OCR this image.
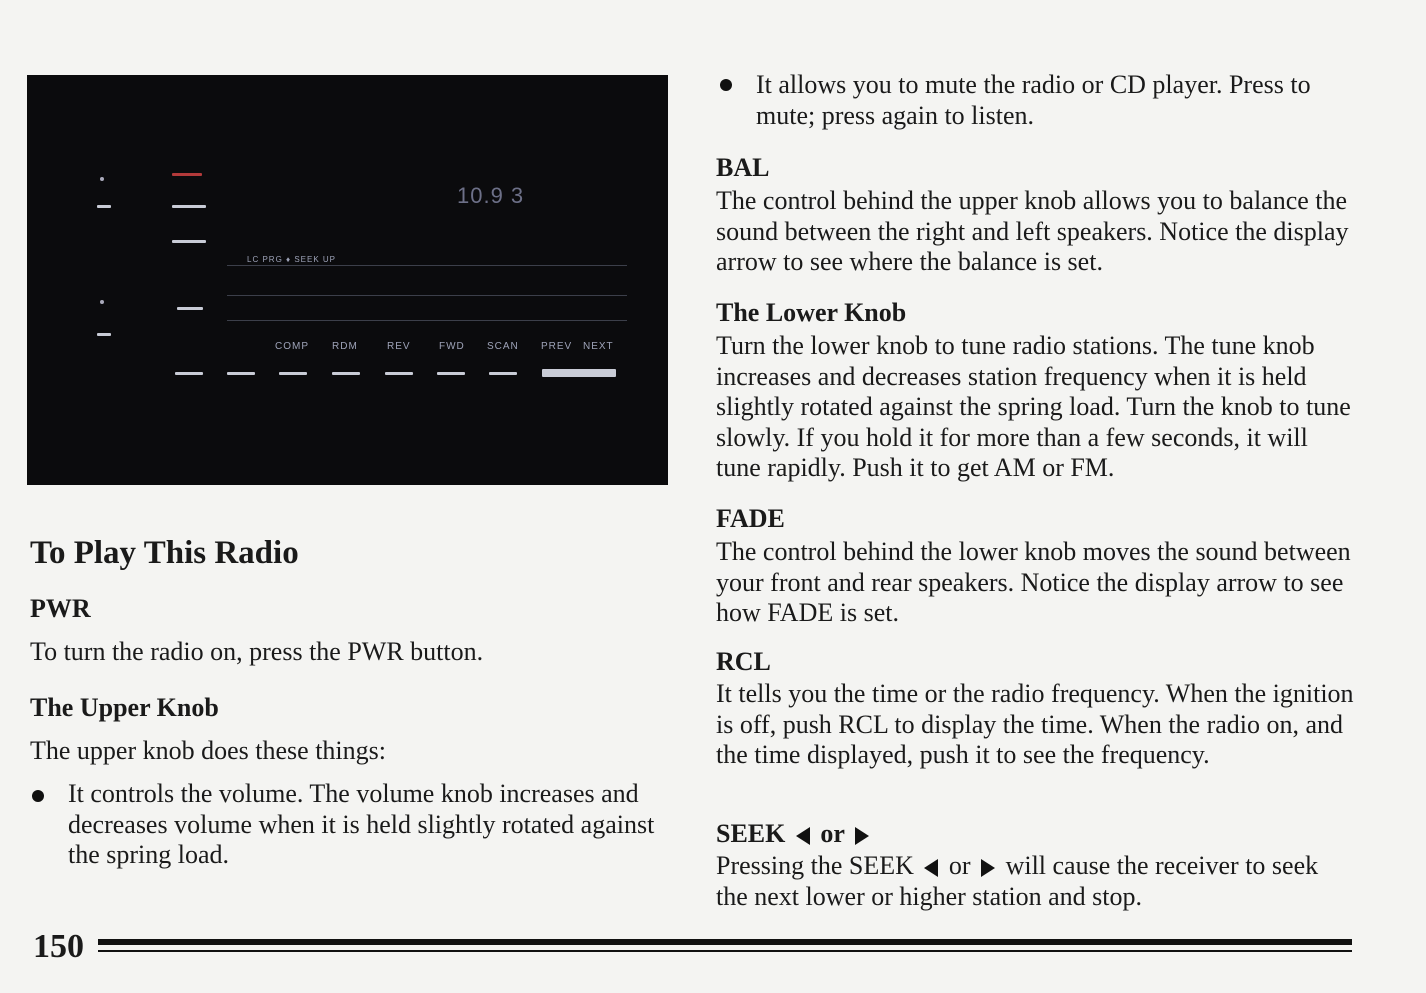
10.9 3
LC PRG ♦ SEEK UP
COMP RDM	REV	FWD SCAN PREV NEXT
To Play This Radio
PWR
To turn the radio on, press the PWR button.
The Upper Knob
The upper knob does these things:
It controls the volume. The volume knob increases and decreases volume when it is held slightly rotated against the spring load.
It allows you to mute the radio or CD player. Press to mute; press again to listen.
BAL
The control behind the upper knob allows you to balance the sound between the right and left speakers. Notice the display arrow to see where the balance is set.
The Lower Knob
Turn the lower knob to tune radio stations. The tune knob increases and decreases station frequency when it is held slightly rotated against the spring load. Turn the knob to tune slowly. If you hold it for more than a few seconds, it will tune rapidly. Push it to get AM or FM.
FADE
The control behind the lower knob moves the sound between your front and rear speakers. Notice the display arrow to see how FADE is set.
RCL
It tells you the time or the radio frequency. When the ignition is off, push RCL to display the time. When the radio on, and the time displayed, push it to see the frequency.
SEEK or
Pressing the SEEK or will cause the receiver to seek the next lower or higher station and stop.
150
